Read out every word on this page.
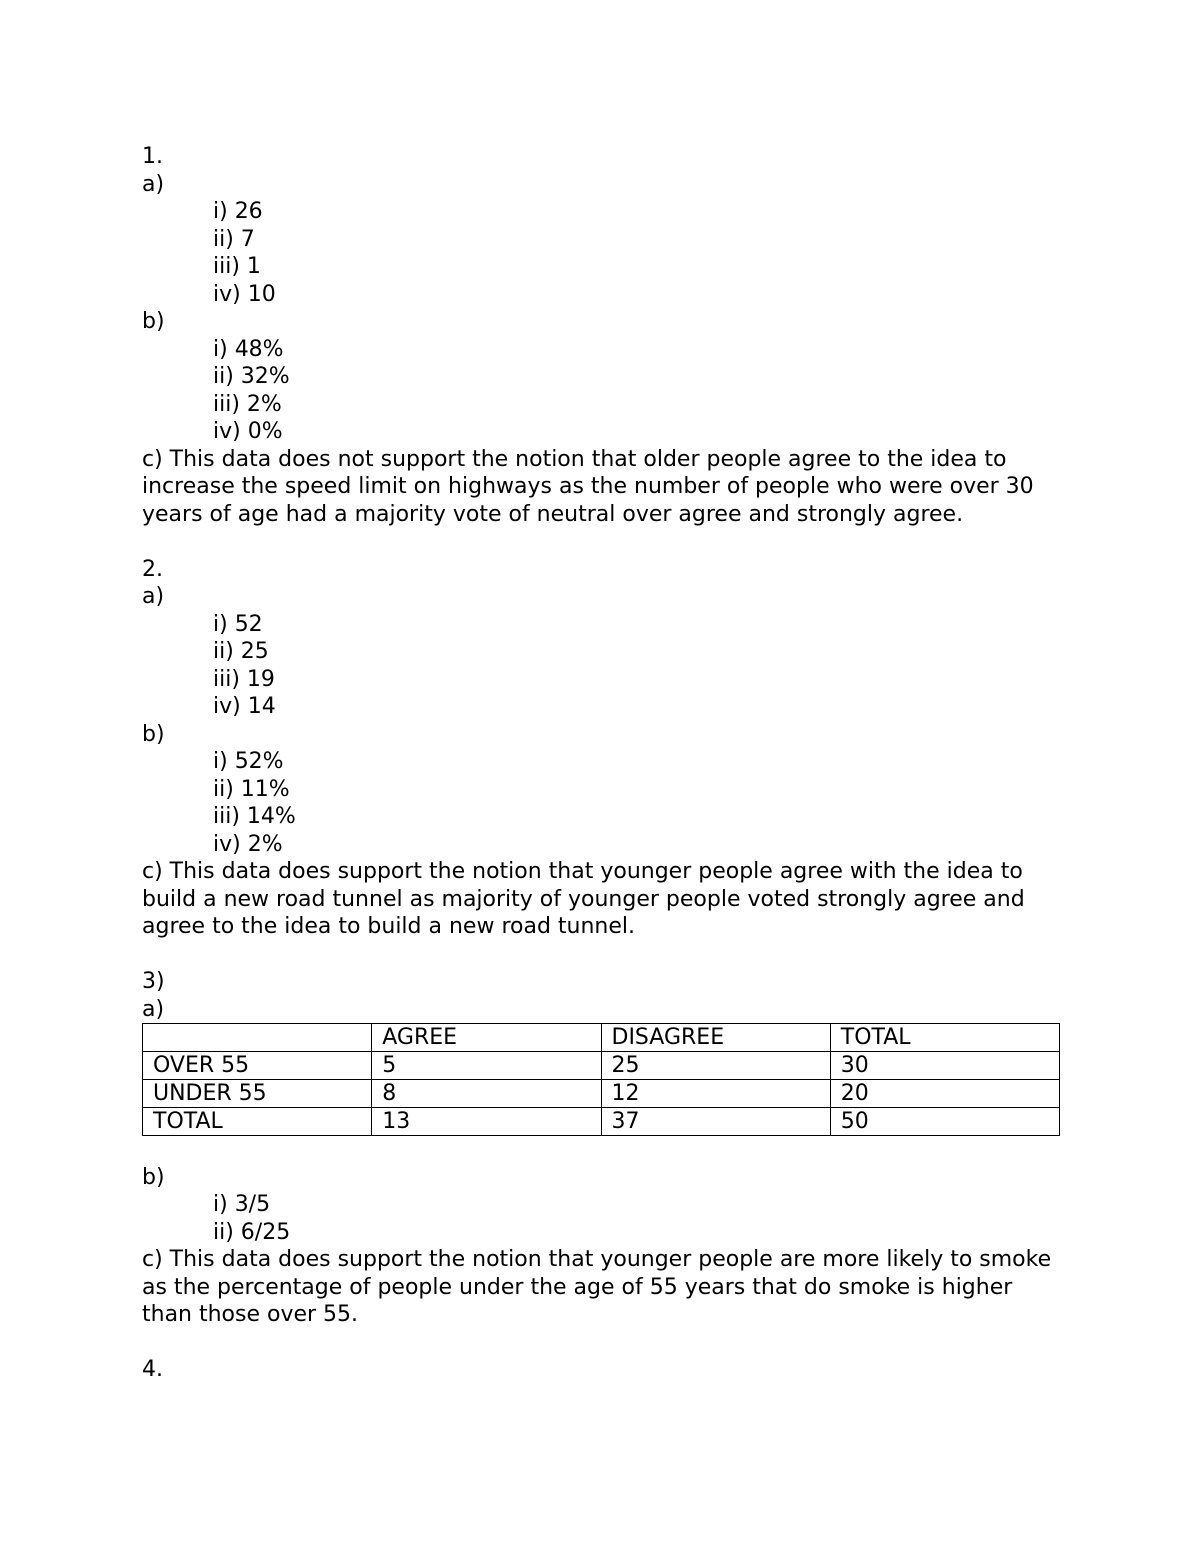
1.
a)
i) 26
ii) 7
iii) 1
iv) 10
b)
i) 48%
ii) 32%
iii) 2%
iv) 0%
c) This data does not support the notion that older people agree to the idea to increase the speed limit on highways as the number of people who were over 30 years of age had a majority vote of neutral over agree and strongly agree.
2.
a)
i) 52
ii) 25
iii) 19
iv) 14
b)
i) 52%
ii) 11%
iii) 14%
iv) 2%
c) This data does support the notion that younger people agree with the idea to build a new road tunnel as majority of younger people voted strongly agree and agree to the idea to build a new road tunnel.
3)
a)
	AGREE	DISAGREE	TOTAL
OVER 55	5	25	30
UNDER 55	8	12	20
TOTAL	13	37	50
b)
i) 3/5
ii) 6/25
c) This data does support the notion that younger people are more likely to smoke as the percentage of people under the age of 55 years that do smoke is higher than those over 55.
4.
